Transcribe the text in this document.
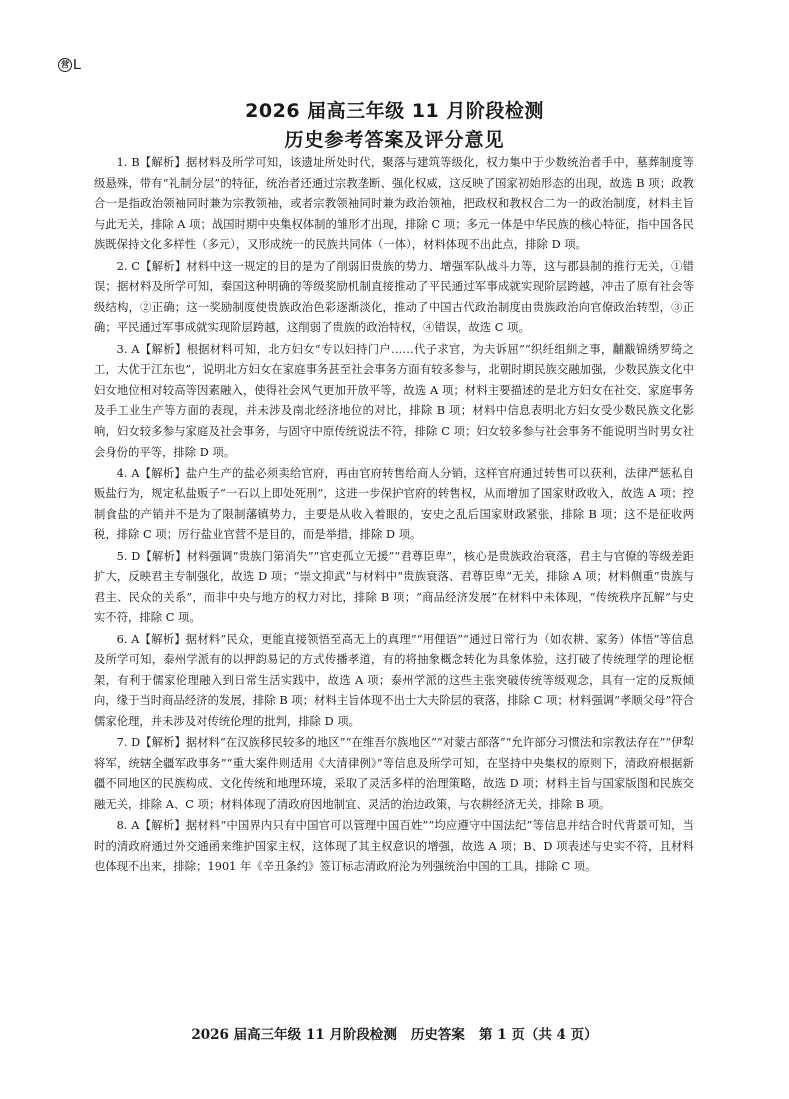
营 L
2026 届高三年级 11 月阶段检测
历史参考答案及评分意见

1. B【解析】据材料及所学可知，该遗址所处时代，聚落与建筑等级化，权力集中于少数统治者手中，墓葬制度等级悬殊，带有“礼制分层”的特征，统治者还通过宗教垄断、强化权威，这反映了国家初始形态的出现，故选 B 项；政教合一是指政治领袖同时兼为宗教领袖，或者宗教领袖同时兼为政治领袖，把政权和教权合二为一的政治制度，材料主旨与此无关，排除 A 项；战国时期中央集权体制的雏形才出现，排除 C 项；多元一体是中华民族的核心特征，指中国各民族既保持文化多样性（多元），又形成统一的民族共同体（一体），材料体现不出此点，排除 D 项。

2. C【解析】材料中这一规定的目的是为了削弱旧贵族的势力、增强军队战斗力等，这与郡县制的推行无关，①错误；据材料及所学可知，秦国这种明确的等级奖励机制直接推动了平民通过军事成就实现阶层跨越，冲击了原有社会等级结构，②正确；这一奖励制度使贵族政治色彩逐渐淡化，推动了中国古代政治制度由贵族政治向官僚政治转型，③正确；平民通过军事成就实现阶层跨越，这削弱了贵族的政治特权，④错误，故选 C 项。

3. A【解析】根据材料可知，北方妇女“专以妇持门户……代子求官，为夫诉屈”“织纴组紃之事，黼黻锦绣罗绮之工，大优于江东也”，说明北方妇女在家庭事务甚至社会事务方面有较多参与，北朝时期民族交融加强，少数民族文化中妇女地位相对较高等因素融入，使得社会风气更加开放平等，故选 A 项；材料主要描述的是北方妇女在社交、家庭事务及手工业生产等方面的表现，并未涉及南北经济地位的对比，排除 B 项；材料中信息表明北方妇女受少数民族文化影响，妇女较多参与家庭及社会事务，与固守中原传统说法不符，排除 C 项；妇女较多参与社会事务不能说明当时男女社会身份的平等，排除 D 项。

4. A【解析】盐户生产的盐必须卖给官府，再由官府转售给商人分销，这样官府通过转售可以获利，法律严惩私自贩盐行为，规定私盐贩子“一石以上即处死刑”，这进一步保护官府的转售权，从而增加了国家财政收入，故选 A 项；控制食盐的产销并不是为了限制藩镇势力，主要是从收入着眼的，安史之乱后国家财政紧张，排除 B 项；这不是征收两税，排除 C 项；厉行盐业官营不是目的，而是举措，排除 D 项。

5. D【解析】材料强调“贵族门第消失”“官吏孤立无援”“君尊臣卑”，核心是贵族政治衰落，君主与官僚的等级差距扩大，反映君主专制强化，故选 D 项；“崇文抑武”与材料中“贵族衰落、君尊臣卑”无关，排除 A 项；材料侧重“贵族与君主、民众的关系”，而非中央与地方的权力对比，排除 B 项；“商品经济发展”在材料中未体现，“传统秩序瓦解”与史实不符，排除 C 项。

6. A【解析】据材料“民众，更能直接领悟至高无上的真理”“用俚语”“通过日常行为（如农耕、家务）体悟”等信息及所学可知，泰州学派有的以押韵易记的方式传播孝道，有的将抽象概念转化为具象体验，这打破了传统理学的理论框架，有利于儒家伦理融入到日常生活实践中，故选 A 项；泰州学派的这些主张突破传统等级观念，具有一定的反叛倾向，缘于当时商品经济的发展，排除 B 项；材料主旨体现不出士大夫阶层的衰落，排除 C 项；材料强调“孝顺父母”符合儒家伦理，并未涉及对传统伦理的批判，排除 D 项。

7. D【解析】据材料“在汉族移民较多的地区”“在维吾尔族地区”“对蒙古部落”“允许部分习惯法和宗教法存在”“伊犁将军，统辖全疆军政事务”“重大案件则适用《大清律例》”等信息及所学可知，在坚持中央集权的原则下，清政府根据新疆不同地区的民族构成、文化传统和地理环境，采取了灵活多样的治理策略，故选 D 项；材料主旨与国家版图和民族交融无关，排除 A、C 项；材料体现了清政府因地制宜、灵活的治边政策，与农耕经济无关，排除 B 项。

8. A【解析】据材料“中国界内只有中国官可以管理中国百姓”“均应遵守中国法纪”等信息并结合时代背景可知，当时的清政府通过外交通函来维护国家主权，这体现了其主权意识的增强，故选 A 项；B、D 项表述与史实不符，且材料也体现不出来，排除；1901 年《辛丑条约》签订标志清政府沦为列强统治中国的工具，排除 C 项。

2026 届高三年级 11 月阶段检测   历史答案   第 1 页（共 4 页）
